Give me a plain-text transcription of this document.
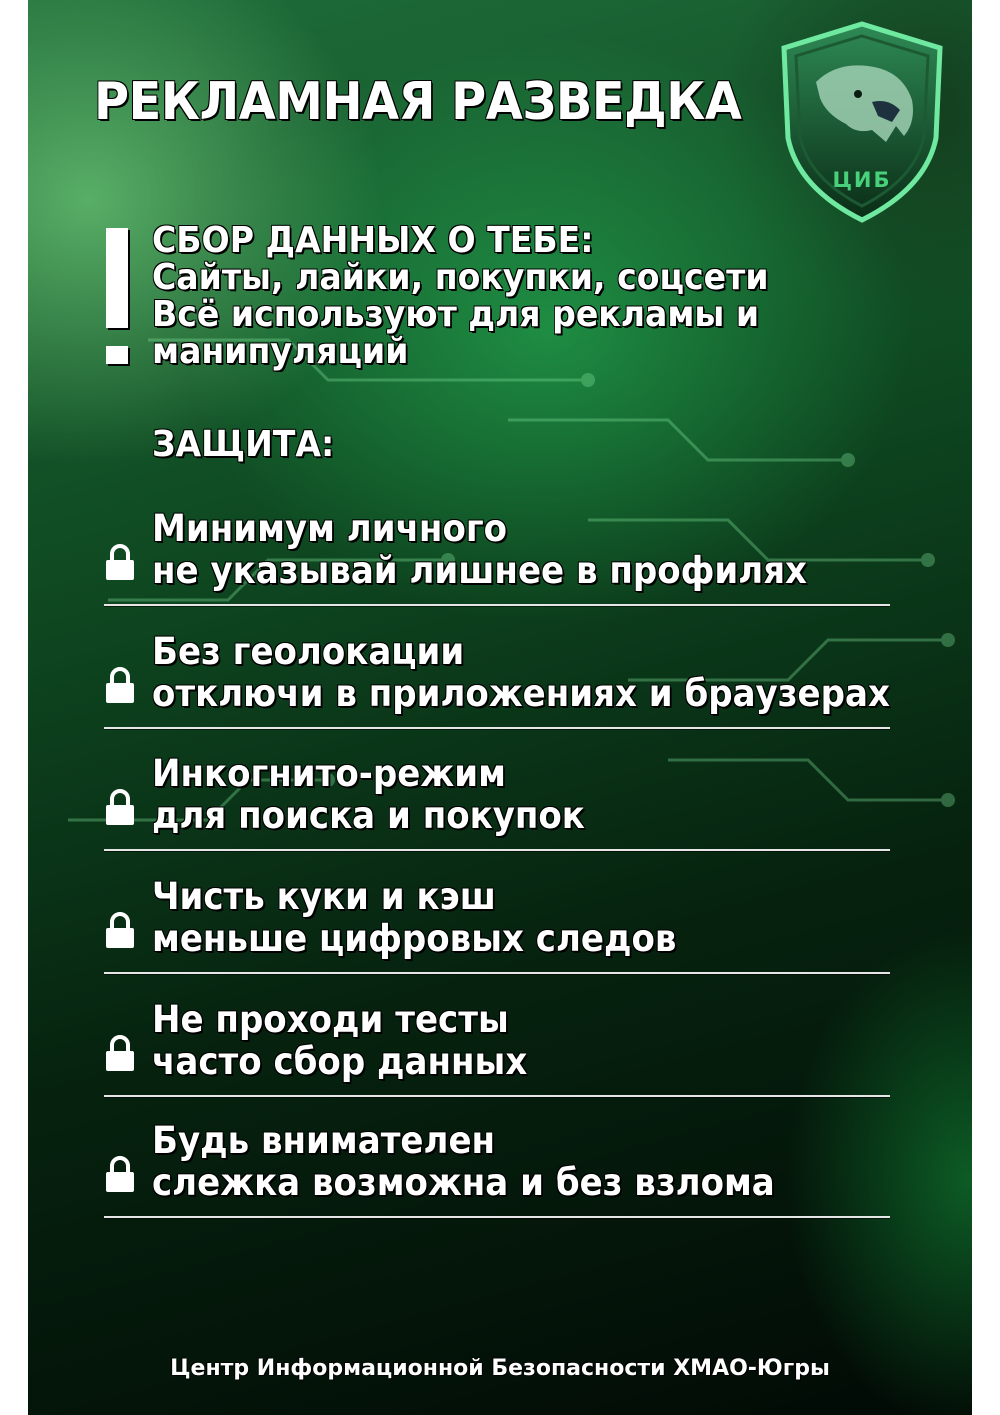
РЕКЛАМНАЯ РАЗВЕДКА
ЦИБ
СБОР ДАННЫХ О ТЕБЕ:
Сайты, лайки, покупки, соцсети
Всё используют для рекламы и
манипуляций
ЗАЩИТА:
Минимум личного
не указывай лишнее в профилях
Без геолокации
отключи в приложениях и браузерах
Инкогнито-режим
для поиска и покупок
Чисть куки и кэш
меньше цифровых следов
Не проходи тесты
часто сбор данных
Будь внимателен
слежка возможна и без взлома
Центр Информационной Безопасности ХМАО-Югры
